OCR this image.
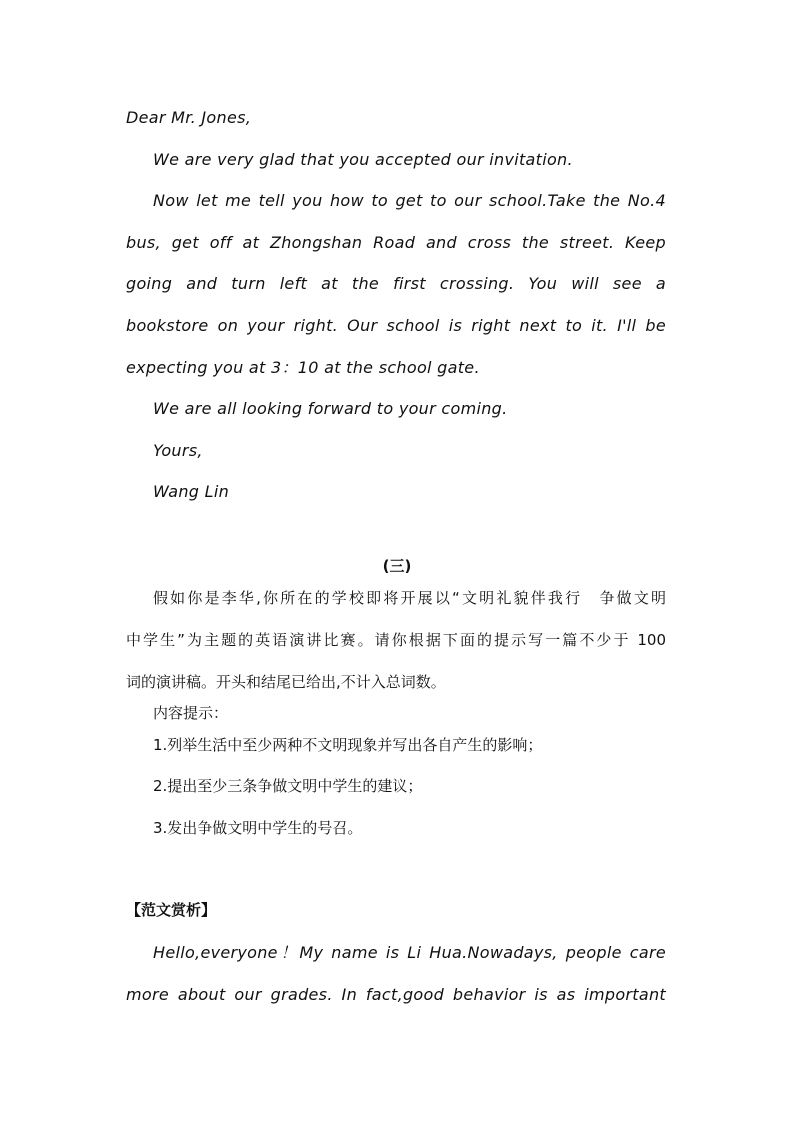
Dear Mr. Jones,
We are very glad that you accepted our invitation.
Now let me tell you how to get to our school.Take the No.4
bus, get off at Zhongshan Road and cross the street. Keep
going and turn left at the first crossing. You will see a
bookstore on your right. Our school is right next to it. I'll be
expecting you at 3：10 at the school gate.
We are all looking forward to your coming.
Yours,
Wang Lin
(三)
假如你是李华,你所在的学校即将开展以“文明礼貌伴我行　争做文明
中学生”为主题的英语演讲比赛。请你根据下面的提示写一篇不少于 100
词的演讲稿。开头和结尾已给出,不计入总词数。
内容提示：
1.列举生活中至少两种不文明现象并写出各自产生的影响；
2.提出至少三条争做文明中学生的建议；
3.发出争做文明中学生的号召。
【范文赏析】
Hello,everyone！My name is Li Hua.Nowadays, people care
more about our grades. In fact,good behavior is as important
